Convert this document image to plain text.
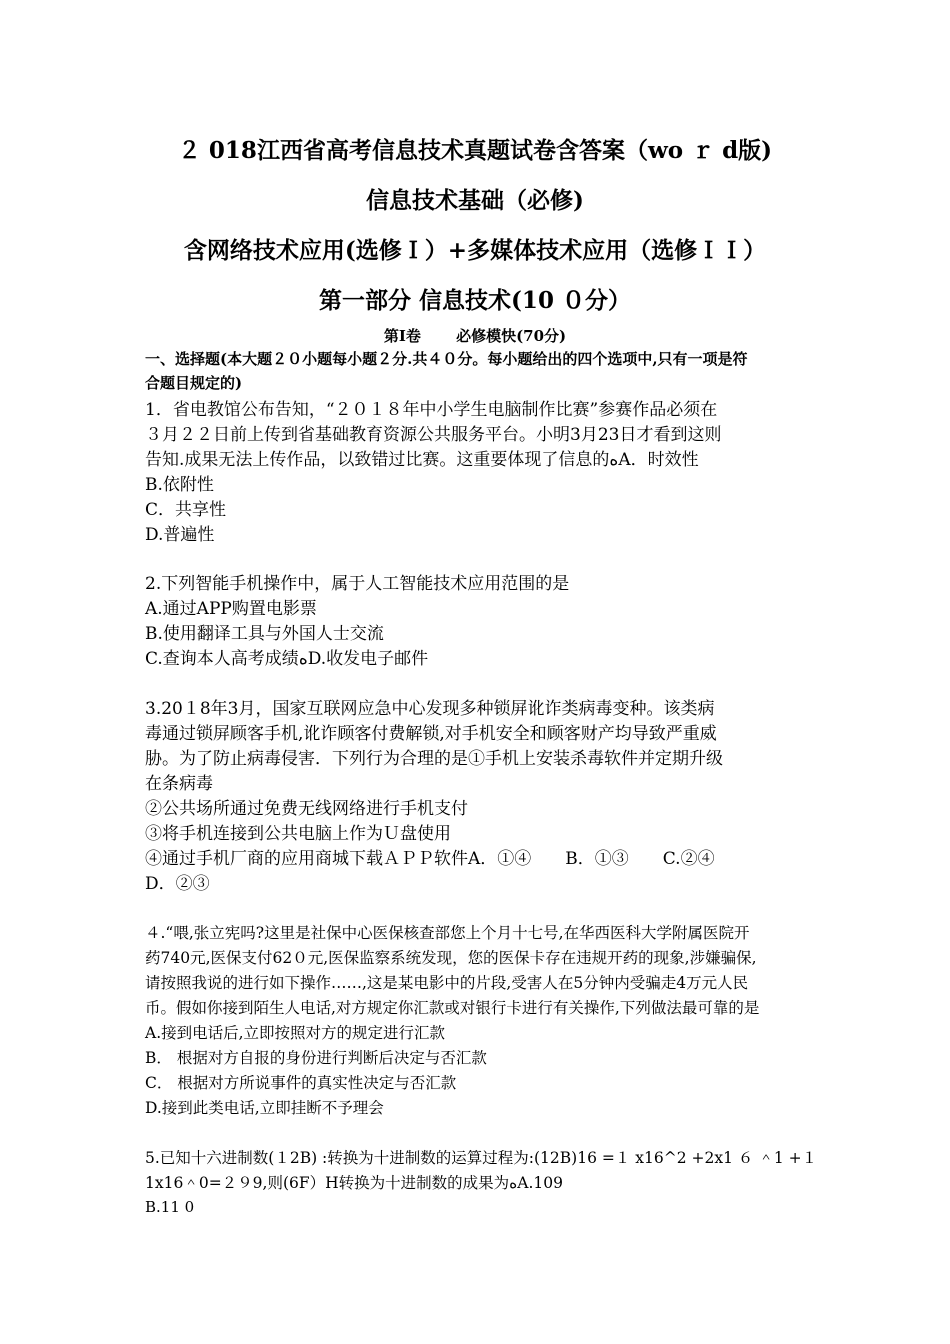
２ 018江西省高考信息技术真题试卷含答案（wo ｒ d版)
信息技术基础（必修)
含网络技术应用(选修Ｉ）+多媒体技术应用（选修ＩＩ）
第一部分 信息技术(10 ０分）
第Ⅰ卷 　　必修模快(70分)
一、选择题(本大题２０小题每小题２分.共４０分。每小题给出的四个选项中,只有一项是符
合题目规定的)
1．省电教馆公布告知，“２０１８年中小学生电脑制作比赛”参赛作品必须在
３月２２日前上传到省基础教育资源公共服务平台。小明3月23日才看到这则
告知.成果无法上传作品，以致错过比赛。这重要体现了信息的ﻩA．时效性
B.依附性
C．共享性
D.普遍性
2.下列智能手机操作中，属于人工智能技术应用范围的是
A.通过APP购置电影票
B.使用翻译工具与外国人士交流
C.查询本人高考成绩ﻩD.收发电子邮件
3.20１8年3月，国家互联网应急中心发现多种锁屏讹诈类病毒变种。该类病
毒通过锁屏顾客手机,讹诈顾客付费解锁,对手机安全和顾客财产均导致严重威
胁。为了防止病毒侵害．下列行为合理的是①手机上安装杀毒软件并定期升级
在条病毒
②公共场所通过免费无线网络进行手机支付
③将手机连接到公共电脑上作为Ｕ盘使用
④通过手机厂商的应用商城下载ＡＰＰ软件A．①④　　B．①③　　C.②④
D．②③
４.“喂,张立宪吗?这里是社保中心医保核查部您上个月十七号,在华西医科大学附属医院开
药740元,医保支付62０元,医保监察系统发现，您的医保卡存在违规开药的现象,涉嫌骗保,
请按照我说的进行如下操作……,这是某电影中的片段,受害人在5分钟内受骗走4万元人民
币。假如你接到陌生人电话,对方规定你汇款或对银行卡进行有关操作,下列做法最可靠的是
A.接到电话后,立即按照对方的规定进行汇款
B． 根据对方自报的身份进行判断后决定与否汇款
C． 根据对方所说事件的真实性决定与否汇款
D.接到此类电话,立即挂断不予理会
5.已知十六进制数(１2B) :转换为十进制数的运算过程为:(12B)16 =１ x16^2 +2x1 ６ ＾1 +１
1x16＾0=２９9,则(6F）H转换为十进制数的成果为ﻩA.109
B.11 0
